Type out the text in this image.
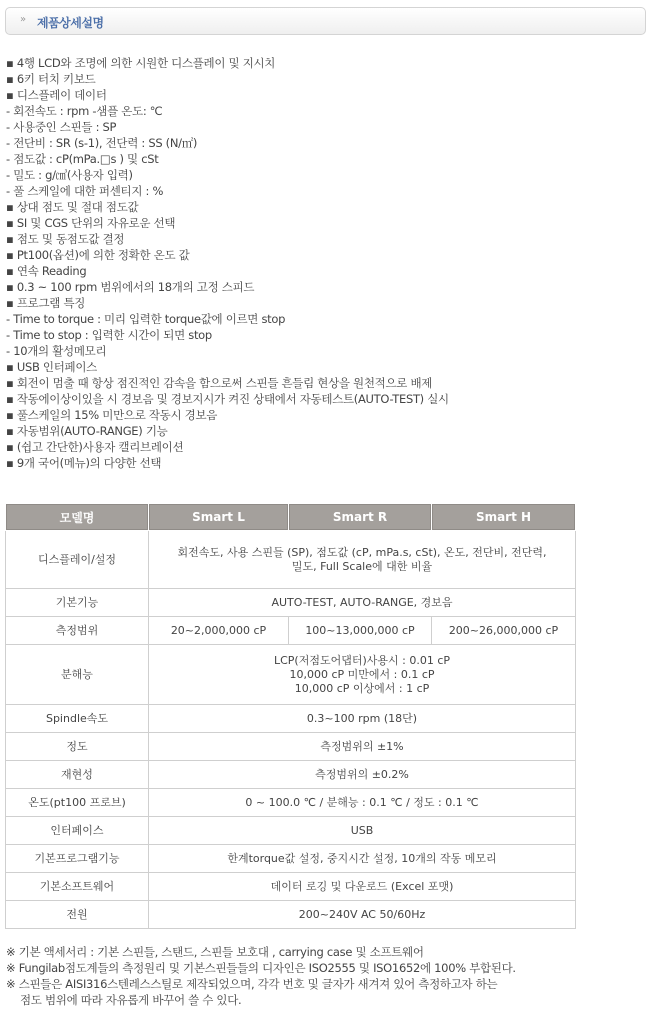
» 제품상세설명
▪ 4행 LCD와 조명에 의한 시원한 디스플레이 및 지시치
▪ 6키 터치 키보드
▪ 디스플레이 데이터
- 회전속도 : rpm -샘플 온도: ℃
- 사용중인 스핀들 : SP
- 전단비 : SR (s-1), 전단력 : SS (N/㎡)
- 점도값 : cP(mPa.□s ) 및 cSt
- 밀도 : g/㎤(사용자 입력)
- 풀 스케일에 대한 퍼센티지 : %
▪ 상대 점도 및 절대 점도값
▪ SI 및 CGS 단위의 자유로운 선택
▪ 점도 및 동점도값 결정
▪ Pt100(옵션)에 의한 정확한 온도 값
▪ 연속 Reading
▪ 0.3 ~ 100 rpm 범위에서의 18개의 고정 스피드
▪ 프로그램 특징
- Time to torque : 미리 입력한 torque값에 이르면 stop
- Time to stop : 입력한 시간이 되면 stop
- 10개의 활성메모리
▪ USB 인터페이스
▪ 회전이 멈출 때 항상 점진적인 감속을 함으로써 스핀들 흔들림 현상을 원천적으로 배제
▪ 작동에이상이있을 시 경보음 및 경보지시가 켜진 상태에서 자동테스트(AUTO-TEST) 실시
▪ 풀스케일의 15% 미만으로 작동시 경보음
▪ 자동범위(AUTO-RANGE) 기능
▪ (쉽고 간단한)사용자 캘리브레이션
▪ 9개 국어(메뉴)의 다양한 선택
모델명	Smart L	Smart R	Smart H
디스플레이/설정	회전속도, 사용 스핀들 (SP), 점도값 (cP, mPa.s, cSt), 온도, 전단비, 전단력,
밀도, Full Scale에 대한 비율		

기본기능	AUTO-TEST, AUTO-RANGE, 경보음		
측정범위	20~2,000,000 cP	100~13,000,000 cP	200~26,000,000 cP
분해능	LCP(저점도어댑터)사용시 : 0.01 cP
10,000 cP 미만에서 : 0.1 cP
10,000 cP 이상에서 : 1 cP		

Spindle속도	0.3~100 rpm (18단)		
정도	측정범위의 ±1%		
재현성	측정범위의 ±0.2%		
온도(pt100 프로브)	0 ~ 100.0 ℃ / 분해능 : 0.1 ℃ / 정도 : 0.1 ℃		
인터페이스	USB		
기본프로그램기능	한계torque값 설정, 중지시간 설정, 10개의 작동 메모리		
기본소프트웨어	데이터 로깅 및 다운로드 (Excel 포맷)		
전원	200~240V AC 50/60Hz		
※ 기본 액세서리 : 기본 스핀들, 스탠드, 스핀들 보호대 , carrying case 및 소프트웨어
※ Fungilab점도계들의 측정원리 및 기본스핀들들의 디자인은 ISO2555 및 ISO1652에 100% 부합된다.
※ 스핀들은 AISI316스텐레스스틸로 제작되었으며, 각각 번호 및 글자가 새겨져 있어 측정하고자 하는
점도 범위에 따라 자유롭게 바꾸어 쓸 수 있다.
